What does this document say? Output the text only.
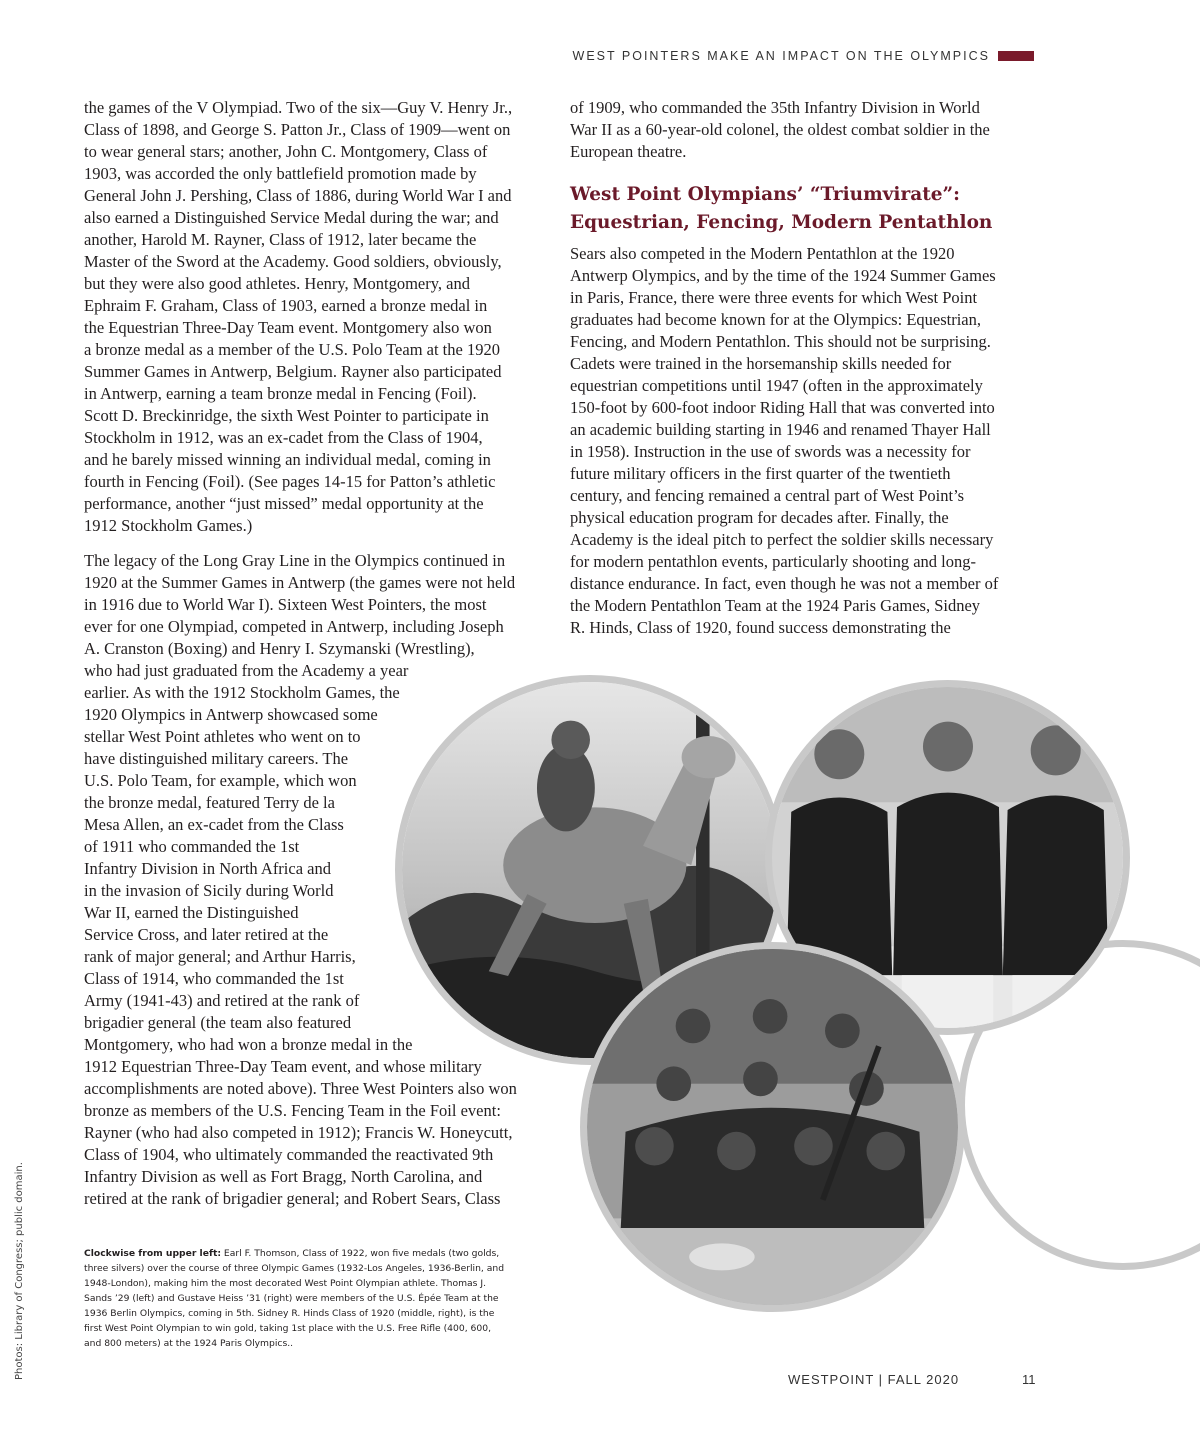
WEST POINTERS MAKE AN IMPACT ON THE OLYMPICS

the games of the V Olympiad. Two of the six—Guy V. Henry Jr.,
Class of 1898, and George S. Patton Jr., Class of 1909—went on
to wear general stars; another, John C. Montgomery, Class of
1903, was accorded the only battlefield promotion made by
General John J. Pershing, Class of 1886, during World War I and
also earned a Distinguished Service Medal during the war; and
another, Harold M. Rayner, Class of 1912, later became the
Master of the Sword at the Academy. Good soldiers, obviously,
but they were also good athletes. Henry, Montgomery, and
Ephraim F. Graham, Class of 1903, earned a bronze medal in
the Equestrian Three-Day Team event. Montgomery also won
a bronze medal as a member of the U.S. Polo Team at the 1920
Summer Games in Antwerp, Belgium. Rayner also participated
in Antwerp, earning a team bronze medal in Fencing (Foil).
Scott D. Breckinridge, the sixth West Pointer to participate in
Stockholm in 1912, was an ex-cadet from the Class of 1904,
and he barely missed winning an individual medal, coming in
fourth in Fencing (Foil). (See pages 14-15 for Patton’s athletic
performance, another “just missed” medal opportunity at the
1912 Stockholm Games.)

The legacy of the Long Gray Line in the Olympics continued in
1920 at the Summer Games in Antwerp (the games were not held
in 1916 due to World War I). Sixteen West Pointers, the most
ever for one Olympiad, competed in Antwerp, including Joseph
A. Cranston (Boxing) and Henry I. Szymanski (Wrestling),
who had just graduated from the Academy a year
earlier. As with the 1912 Stockholm Games, the
1920 Olympics in Antwerp showcased some
stellar West Point athletes who went on to
have distinguished military careers. The
U.S. Polo Team, for example, which won
the bronze medal, featured Terry de la
Mesa Allen, an ex-cadet from the Class
of 1911 who commanded the 1st
Infantry Division in North Africa and
in the invasion of Sicily during World
War II, earned the Distinguished
Service Cross, and later retired at the
rank of major general; and Arthur Harris,
Class of 1914, who commanded the 1st
Army (1941-43) and retired at the rank of
brigadier general (the team also featured
Montgomery, who had won a bronze medal in the
1912 Equestrian Three-Day Team event, and whose military
accomplishments are noted above). Three West Pointers also won
bronze as members of the U.S. Fencing Team in the Foil event:
Rayner (who had also competed in 1912); Francis W. Honeycutt,
Class of 1904, who ultimately commanded the reactivated 9th
Infantry Division as well as Fort Bragg, North Carolina, and
retired at the rank of brigadier general; and Robert Sears, Class

of 1909, who commanded the 35th Infantry Division in World
War II as a 60-year-old colonel, the oldest combat soldier in the
European theatre.

West Point Olympians’ “Triumvirate”:
Equestrian, Fencing, Modern Pentathlon

Sears also competed in the Modern Pentathlon at the 1920
Antwerp Olympics, and by the time of the 1924 Summer Games
in Paris, France, there were three events for which West Point
graduates had become known for at the Olympics: Equestrian,
Fencing, and Modern Pentathlon. This should not be surprising.
Cadets were trained in the horsemanship skills needed for
equestrian competitions until 1947 (often in the approximately
150-foot by 600-foot indoor Riding Hall that was converted into
an academic building starting in 1946 and renamed Thayer Hall
in 1958). Instruction in the use of swords was a necessity for
future military officers in the first quarter of the twentieth
century, and fencing remained a central part of West Point’s
physical education program for decades after. Finally, the
Academy is the ideal pitch to perfect the soldier skills necessary
for modern pentathlon events, particularly shooting and long-
distance endurance. In fact, even though he was not a member of
the Modern Pentathlon Team at the 1924 Paris Games, Sidney
R. Hinds, Class of 1920, found success demonstrating the

Clockwise from upper left: Earl F. Thomson, Class of 1922, won five medals (two golds,
three silvers) over the course of three Olympic Games (1932-Los Angeles, 1936-Berlin, and
1948-London), making him the most decorated West Point Olympian athlete. Thomas J.
Sands ’29 (left) and Gustave Heiss ’31 (right) were members of the U.S. Épée Team at the
1936 Berlin Olympics, coming in 5th. Sidney R. Hinds Class of 1920 (middle, right), is the
first West Point Olympian to win gold, taking 1st place with the U.S. Free Rifle (400, 600,
and 800 meters) at the 1924 Paris Olympics..

Photos: Library of Congress; public domain.	WESTPOINT | FALL 2020	11
